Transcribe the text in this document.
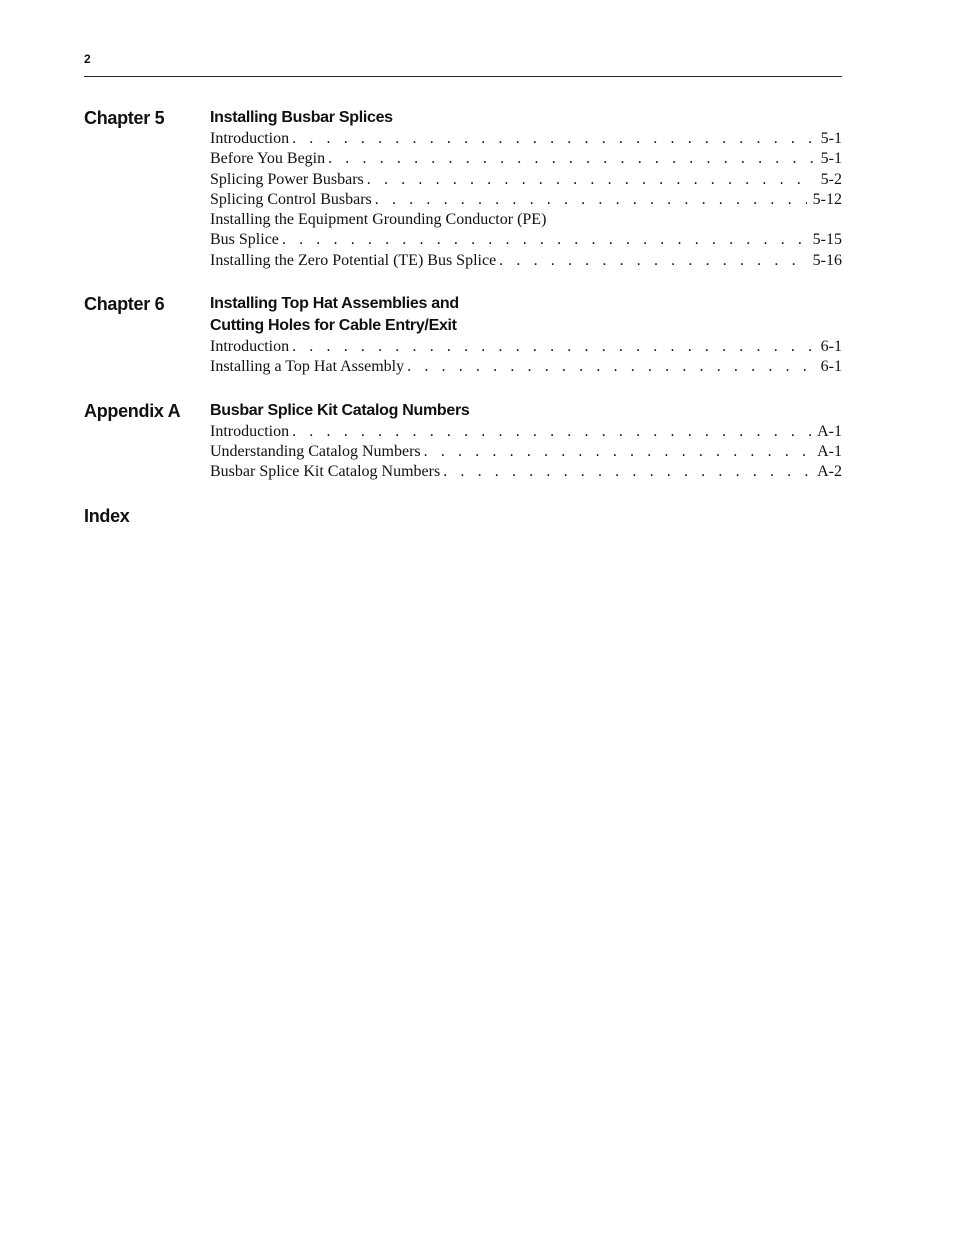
2
Chapter 5	Installing Busbar Splices
Introduction . . .	5-1
Before You Begin . . .	5-1
Splicing Power Busbars . . .	5-2
Splicing Control Busbars . . .	5-12
Installing the Equipment Grounding Conductor (PE)
Bus Splice . . .	5-15
Installing the Zero Potential (TE) Bus Splice . . .	5-16
Chapter 6	Installing Top Hat Assemblies and
Cutting Holes for Cable Entry/Exit
Introduction . . .	6-1
Installing a Top Hat Assembly . . .	6-1
Appendix A Busbar Splice Kit Catalog Numbers
Introduction . . .	A-1
Understanding Catalog Numbers . . .	A-1
Busbar Splice Kit Catalog Numbers . . .	A-2
Index
